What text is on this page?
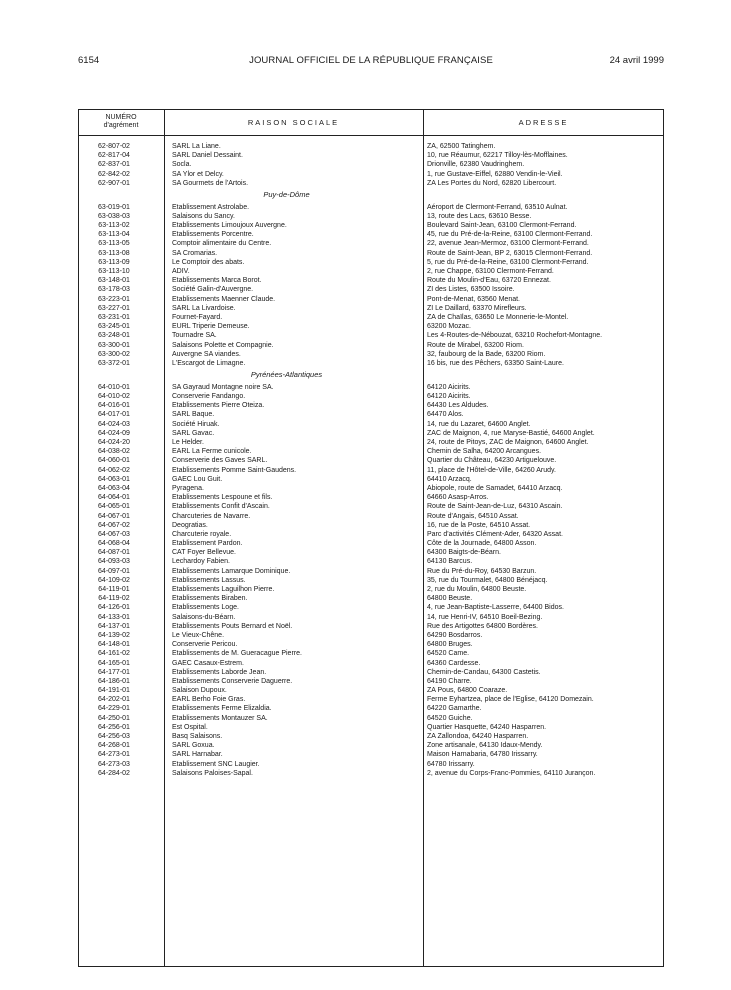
6154	JOURNAL OFFICIEL DE LA RÉPUBLIQUE FRANÇAISE	24 avril 1999
NUMÉRO
d'agrément	RAISON SOCIALE	ADRESSE
62-807-02	SARL La Liane.	ZA, 62500 Tatinghem.
62-817-04	SARL Daniel Dessaint.	10, rue Réaumur, 62217 Tilloy-lès-Mofflaines.
62-837-01	Socla.	Drionville, 62380 Vaudringhem.
62-842-02	SA Ylor et Delcy.	1, rue Gustave-Eiffel, 62880 Vendin-le-Vieil.
62-907-01	SA Gourmets de l'Artois.	ZA Les Portes du Nord, 62820 Libercourt.
Puy-de-Dôme
63-019-01	Etablissement Astrolabe.	Aéroport de Clermont-Ferrand, 63510 Aulnat.
63-038-03	Salaisons du Sancy.	13, route des Lacs, 63610 Besse.
63-113-02	Etablissements Limoujoux Auvergne.	Boulevard Saint-Jean, 63100 Clermont-Ferrand.
63-113-04	Etablissements Porcentre.	45, rue du Pré-de-la-Reine, 63100 Clermont-Ferrand.
63-113-05	Comptoir alimentaire du Centre.	22, avenue Jean-Mermoz, 63100 Clermont-Ferrand.
63-113-08	SA Cromarias.	Route de Saint-Jean, BP 2, 63015 Clermont-Ferrand.
63-113-09	Le Comptoir des abats.	5, rue du Pré-de-la-Reine, 63100 Clermont-Ferrand.
63-113-10	ADIV.	2, rue Chappe, 63100 Clermont-Ferrand.
63-148-01	Etablissements Marca Borot.	Route du Moulin-d'Eau, 63720 Ennezat.
63-178-03	Société Galin-d'Auvergne.	ZI des Listes, 63500 Issoire.
63-223-01	Etablissements Maenner Claude.	Pont-de-Menat, 63560 Menat.
63-227-01	SARL La Livardoise.	ZI Le Daillard, 63370 Mirefleurs.
63-231-01	Fournet-Fayard.	ZA de Chaïlas, 63650 Le Monnerie-le-Montel.
63-245-01	EURL Triperie Demeuse.	63200 Mozac.
63-248-01	Tournadre SA.	Les 4-Routes-de-Nébouzat, 63210 Rochefort-Montagne.
63-300-01	Salaisons Polette et Compagnie.	Route de Mirabel, 63200 Riom.
63-300-02	Auvergne SA viandes.	32, faubourg de la Bade, 63200 Riom.
63-372-01	L'Escargot de Limagne.	16 bis, rue des Pêchers, 63350 Saint-Laure.
Pyrénées-Atlantiques
64-010-01	SA Gayraud Montagne noire SA.	64120 Aicirits.
64-010-02	Conserverie Fandango.	64120 Aicirits.
64-016-01	Etablissements Pierre Oteiza.	64430 Les Aldudes.
64-017-01	SARL Baque.	64470 Alos.
64-024-03	Société Hiruak.	14, rue du Lazaret, 64600 Anglet.
64-024-09	SARL Gavac.	ZAC de Maignon, 4, rue Maryse-Bastié, 64600 Anglet.
64-024-20	Le Helder.	24, route de Pitoys, ZAC de Maignon, 64600 Anglet.
64-038-02	EARL La Ferme cunicole.	Chemin de Salha, 64200 Arcangues.
64-060-01	Conserverie des Gaves SARL.	Quartier du Château, 64230 Artiguelouve.
64-062-02	Etablissements Pomme Saint-Gaudens.	11, place de l'Hôtel-de-Ville, 64260 Arudy.
64-063-01	GAEC Lou Guit.	64410 Arzacq.
64-063-04	Pyragena.	Abiopole, route de Samadet, 64410 Arzacq.
64-064-01	Etablissements Lespoune et fils.	64660 Asasp-Arros.
64-065-01	Etablissements Confit d'Ascain.	Route de Saint-Jean-de-Luz, 64310 Ascain.
64-067-01	Charcuteries de Navarre.	Route d'Angais, 64510 Assat.
64-067-02	Deogratias.	16, rue de la Poste, 64510 Assat.
64-067-03	Charcuterie royale.	Parc d'activités Clément-Ader, 64320 Assat.
64-068-04	Etablissement Pardon.	Côte de la Journade, 64800 Asson.
64-087-01	CAT Foyer Bellevue.	64300 Baigts-de-Béarn.
64-093-03	Lechardoy Fabien.	64130 Barcus.
64-097-01	Etablissements Lamarque Dominique.	Rue du Pré-du-Roy, 64530 Barzun.
64-109-02	Etablissements Lassus.	35, rue du Tourmalet, 64800 Bénéjacq.
64-119-01	Etablissements Laguilhon Pierre.	2, rue du Moulin, 64800 Beuste.
64-119-02	Etablissements Biraben.	64800 Beuste.
64-126-01	Etablissements Loge.	4, rue Jean-Baptiste-Lasserre, 64400 Bidos.
64-133-01	Salaisons-du-Béarn.	14, rue Henri-IV, 64510 Boeil-Bezing.
64-137-01	Etablissements Pouts Bernard et Noël.	Rue des Artigottes 64800 Bordères.
64-139-02	Le Vieux-Chêne.	64290 Bosdarros.
64-148-01	Conserverie Pericou.	64800 Bruges.
64-161-02	Etablissements de M. Gueracague Pierre.	64520 Came.
64-165-01	GAEC Casaux-Estrem.	64360 Cardesse.
64-177-01	Etablissements Laborde Jean.	Chemin-de-Candau, 64300 Castetis.
64-186-01	Etablissements Conserverie Daguerre.	64190 Charre.
64-191-01	Salaison Dupoux.	ZA Pous, 64800 Coaraze.
64-202-01	EARL Berho Foie Gras.	Ferme Eyhartzea, place de l'Eglise, 64120 Domezain.
64-229-01	Etablissements Ferme Elizaldia.	64220 Gamarthe.
64-250-01	Etablissements Montauzer SA.	64520 Guiche.
64-256-01	Est Ospital.	Quartier Hasquette, 64240 Hasparren.
64-256-03	Basq Salaisons.	ZA Zallondoa, 64240 Hasparren.
64-268-01	SARL Goxua.	Zone artisanale, 64130 Idaux-Mendy.
64-273-01	SARL Harnabar.	Maison Harnabaria, 64780 Irissarry.
64-273-03	Etablissement SNC Laugier.	64780 Irissarry.
64-284-02	Salaisons Paloises-Sapal.	2, avenue du Corps-Franc-Pommies, 64110 Jurançon.
